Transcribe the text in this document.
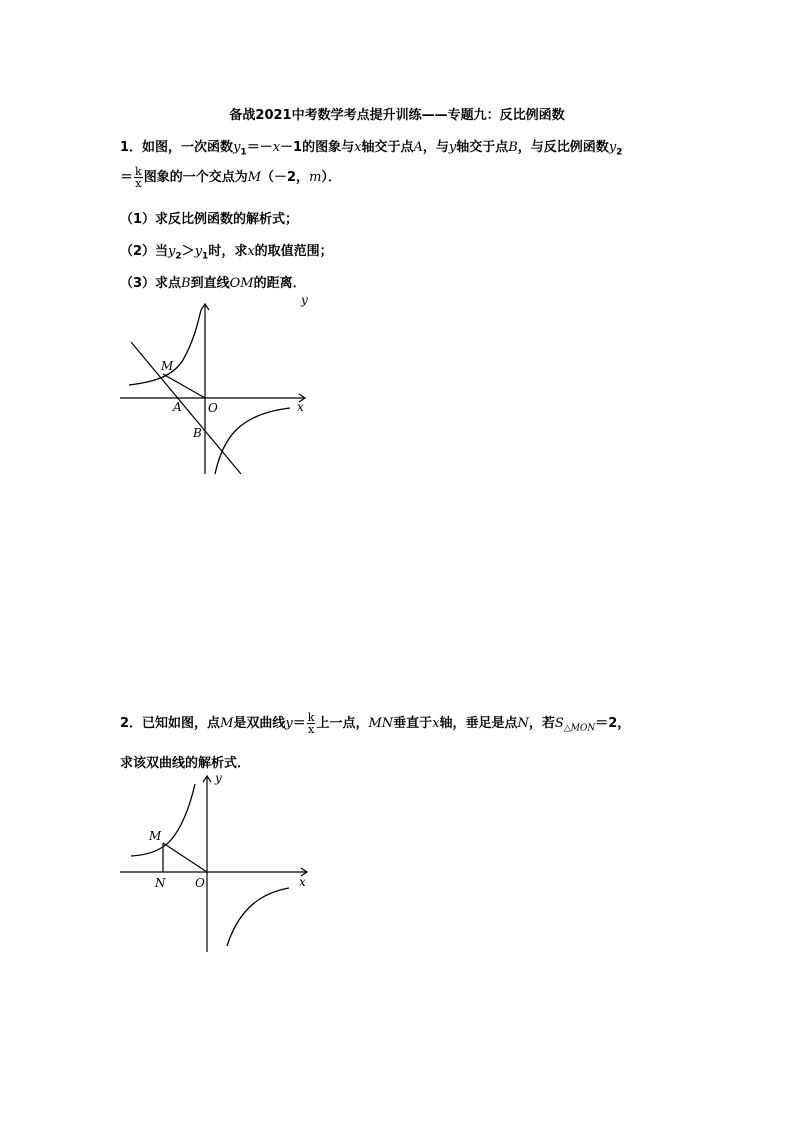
备战2021中考数学考点提升训练——专题九：反比例函数
1．如图，一次函数$y_1=-x-1$的图象与x轴交于点A，与y轴交于点B，与反比例函数$y_2$
＝ $\frac{k}{x}$ 图象的一个交点为M（－2，m）．
（1）求反比例函数的解析式；
（2）当$y_2>y_1$时，求x的取值范围；
（3）求点B到直线OM的距离．
y
x
M
A O
B
2．已知如图，点M是双曲线$y= \frac{k}{x}$ 上一点，MN垂直于x轴，垂足是点N，若$S_{\triangle MON}=2$，
求该双曲线的解析式．
y
x
M
N O
